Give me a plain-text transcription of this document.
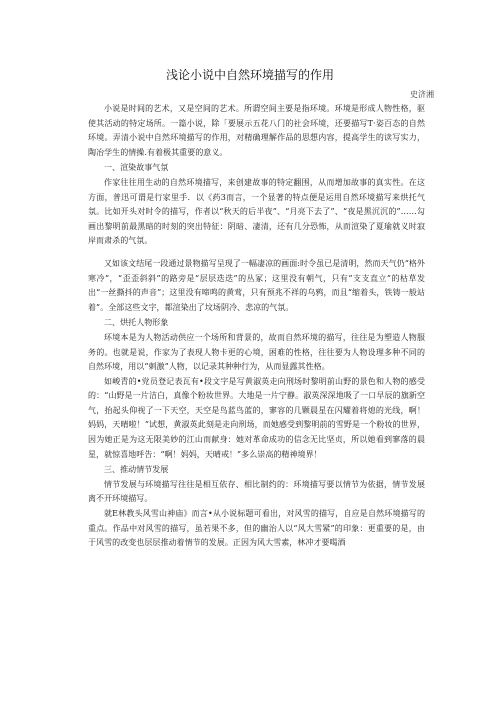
浅论小说中自然环境描写的作用
史济湘

小说是时间的艺术，又是空间的艺术。所谓空间主要是指环境。环境是形成人物性格，驱使其活动的特定场所。一篇小说，除「要展示五花八门的社会环境，还要描写T·姿百态的自然环境。弄清小说中自然环境描写的作用，对精确理解作品的思想内容，提高学生的读写实力，陶冶学生的情操.有着极其重要的意义。

一、渲染故事气氛

作家往往用生动的自然环境描写，来创建故事的特定翻围，从而增加故事的真实性。在这方面，普迅可谓是行家里手．以《药3而言，一个显著的特点便是运用自然环境描写来烘托气氛。比如开头对时令的描写，作者以“秋天的后半夜”、“月亮下去了”、“夜是黑沉沉的”……勾画出黎明前最黑暗的时刻的突出特征：阴暗、凄清，还有几分恐怖，从而渲染了夏瑜就义时寂岸而肃杀的气氛。

又如该文结尾一段通过景物描写呈现了一幅凄凉的画面:时令虽已是清明，然而天气仍“格外寒冷”，“歪歪斜斜”的路旁是“层层迭迭”的丛冢；这里没有朝气，只有“支支直立”的枯草发出“一丝撕抖的声音”；这里没有啼鸣的黄莺，只有预兆不祥的乌鸦，而且“缩着头，铁铸一般站着”。全部这些文字，都渲染出了坟场阴冷、悲凉的气氛。

二、烘托人物形象

环境本是为人物活动供应一个场所和背景的，故而自然环境的描写，往往是为塑造人物服务的。也就是说，作家为了表现人物卡更的心境，困难的性格，往往要为人物设理多种不同的自然环境，用以“刺激”人物，以记录其种种行为，从而显露其性格。

如峻青的•党员登记表瓦有•段文字是写黄淑英走向刑场时黎明前山野的景色和人物的感受的：“山野是一片洁白，真像个粉妆世界。大地是一片宁静。淑英深深地吸了一口早辰的旗新空气，抬起头仰视了一下天空，天空是鸟蓝鸟蓝的，寥容的几颗晨星在闪耀着将熄的光线，啊！妈妈，天晴啦！”试想，黄淑英此刻是走向刑场，而她感受到黎明前的雪野是一个粉妆的世界，因为她正是为这无限美妙的江山而献身：她对革命成功的信念无比坚贞，所以她看到寥落的晨星，就惊喜地呼告：“啊！妈妈，天晴戒！”多么崇高的精神境界！

三、推动情节发展

情节发展与环境描写往往是相互依存、相比制约的：环境描写要以情节为依据，情节发展离不开环境描写。

就E林教头风雪山神庙》而言•从小说标题可看出，对风雪的描写，自应是自然环境描写的重点。作品中对风雪的描写，虽若果不多，但的幽治人以“风大雪紧”的印象：更重要的是，由于风雪的改变也层层推动着情节的发展。正因为风大雪素，林冲才要喝酒
